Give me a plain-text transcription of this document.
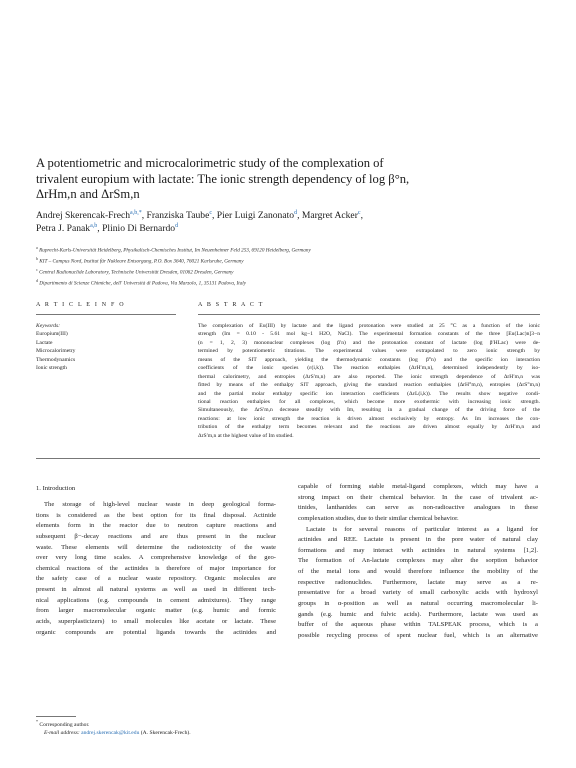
A potentiometric and microcalorimetric study of the complexation of
trivalent europium with lactate: The ionic strength dependency of log β°n,
ΔrHm,n and ΔrSm,n
Andrej Skerencak-Frech$^{a,b,*}$, Franziska Taube$^c$, Pier Luigi Zanonato$^d$, Margret Acker$^c$,
Petra J. Panak$^{a,b}$, Plinio Di Bernardo$^d$
$^a$ Ruprecht-Karls-Universität Heidelberg, Physikalisch-Chemisches Institut, Im Neuenheimer Feld 253, 69120 Heidelberg, Germany
$^b$ KIT – Campus Nord, Institut für Nukleare Entsorgung, P.O. Box 3640, 76021 Karlsruhe, Germany
$^c$ Central Radionuclide Laboratory, Technische Universität Dresden, 01062 Dresden, Germany
$^d$ Dipartimento di Scienze Chimiche, dell' Università di Padova, Via Marzolo, 1, 35131 Padova, Italy
A R T I C L E I N F O	A B S T R A C T
Keywords:
Europium(III)
Lactate
Microcalorimetry
Thermodynamics
Ionic strength
The complexation of Eu(III) by lactate and the ligand protonation were studied at 25 °C as a function of the ionic
strength (Im = 0.10 - 5.61 mol kg−1 H2O, NaCl). The experimental formation constants of the three [Eu(Lac)n]3−n
(n = 1, 2, 3) mononuclear complexes (log β′n) and the protonation constant of lactate (log β′HLac) were de-
termined by potentiometric titrations. The experimental values were extrapolated to zero ionic strength by
means of the SIT approach, yielding the thermodynamic constants (log β°n) and the specific ion interaction
coefficients of the ionic species (ε(i,k)). The reaction enthalpies (ΔrH′m,n), determined independently by iso-
thermal calorimetry, and entropies (ΔrS′m,n) are also reported. The ionic strength dependence of ΔrH′m,n was
fitted by means of the enthalpy SIT approach, giving the standard reaction enthalpies (ΔrH°m,n), entropies (ΔrS°m,n)
and the partial molar enthalpy specific ion interaction coefficients (ΔεL(i,k)). The results show negative condi-
tional reaction enthalpies for all complexes, which become more exothermic with increasing ionic strength.
Simultaneously, the ΔrS′m,n decrease steadily with Im, resulting in a gradual change of the driving force of the
reactions: at low ionic strength the reaction is driven almost exclusively by entropy. As Im increases the con-
tribution of the enthalpy term becomes relevant and the reactions are driven almost equally by ΔrH′m,n and
ΔrS′m,n at the highest value of Im studied.
1. Introduction
The storage of high-level nuclear waste in deep geological forma-
tions is considered as the best option for its final disposal. Actinide
elements form in the reactor due to neutron capture reactions and
subsequent β−-decay reactions and are thus present in the nuclear
waste. These elements will determine the radiotoxicity of the waste
over very long time scales. A comprehensive knowledge of the geo-
chemical reactions of the actinides is therefore of major importance for
the safety case of a nuclear waste repository. Organic molecules are
present in almost all natural systems as well as used in different tech-
nical applications (e.g. compounds in cement admixtures). They range
from larger macromolecular organic matter (e.g. humic and formic
acids, superplasticizers) to small molecules like acetate or lactate. These
organic compounds are potential ligands towards the actinides and
capable of forming stable metal-ligand complexes, which may have a
strong impact on their chemical behavior. In the case of trivalent ac-
tinides, lanthanides can serve as non-radioactive analogues in these
complexation studies, due to their similar chemical behavior.
Lactate is for several reasons of particular interest as a ligand for
actinides and REE. Lactate is present in the pore water of natural clay
formations and may interact with actinides in natural systems [1,2].
The formation of An-lactate complexes may alter the sorption behavior
of the metal ions and would therefore influence the mobility of the
respective radionuclides. Furthermore, lactate may serve as a re-
presentative for a broad variety of small carboxylic acids with hydroxyl
groups in α-position as well as natural occurring macromolecular li-
gands (e.g. humic and fulvic acids). Furthermore, lactate was used as
buffer of the aqueous phase within TALSPEAK process, which is a
possible recycling process of spent nuclear fuel, which is an alternative
* Corresponding author.
E-mail address: andrej.skerencak@kit.edu (A. Skerencak-Frech).
